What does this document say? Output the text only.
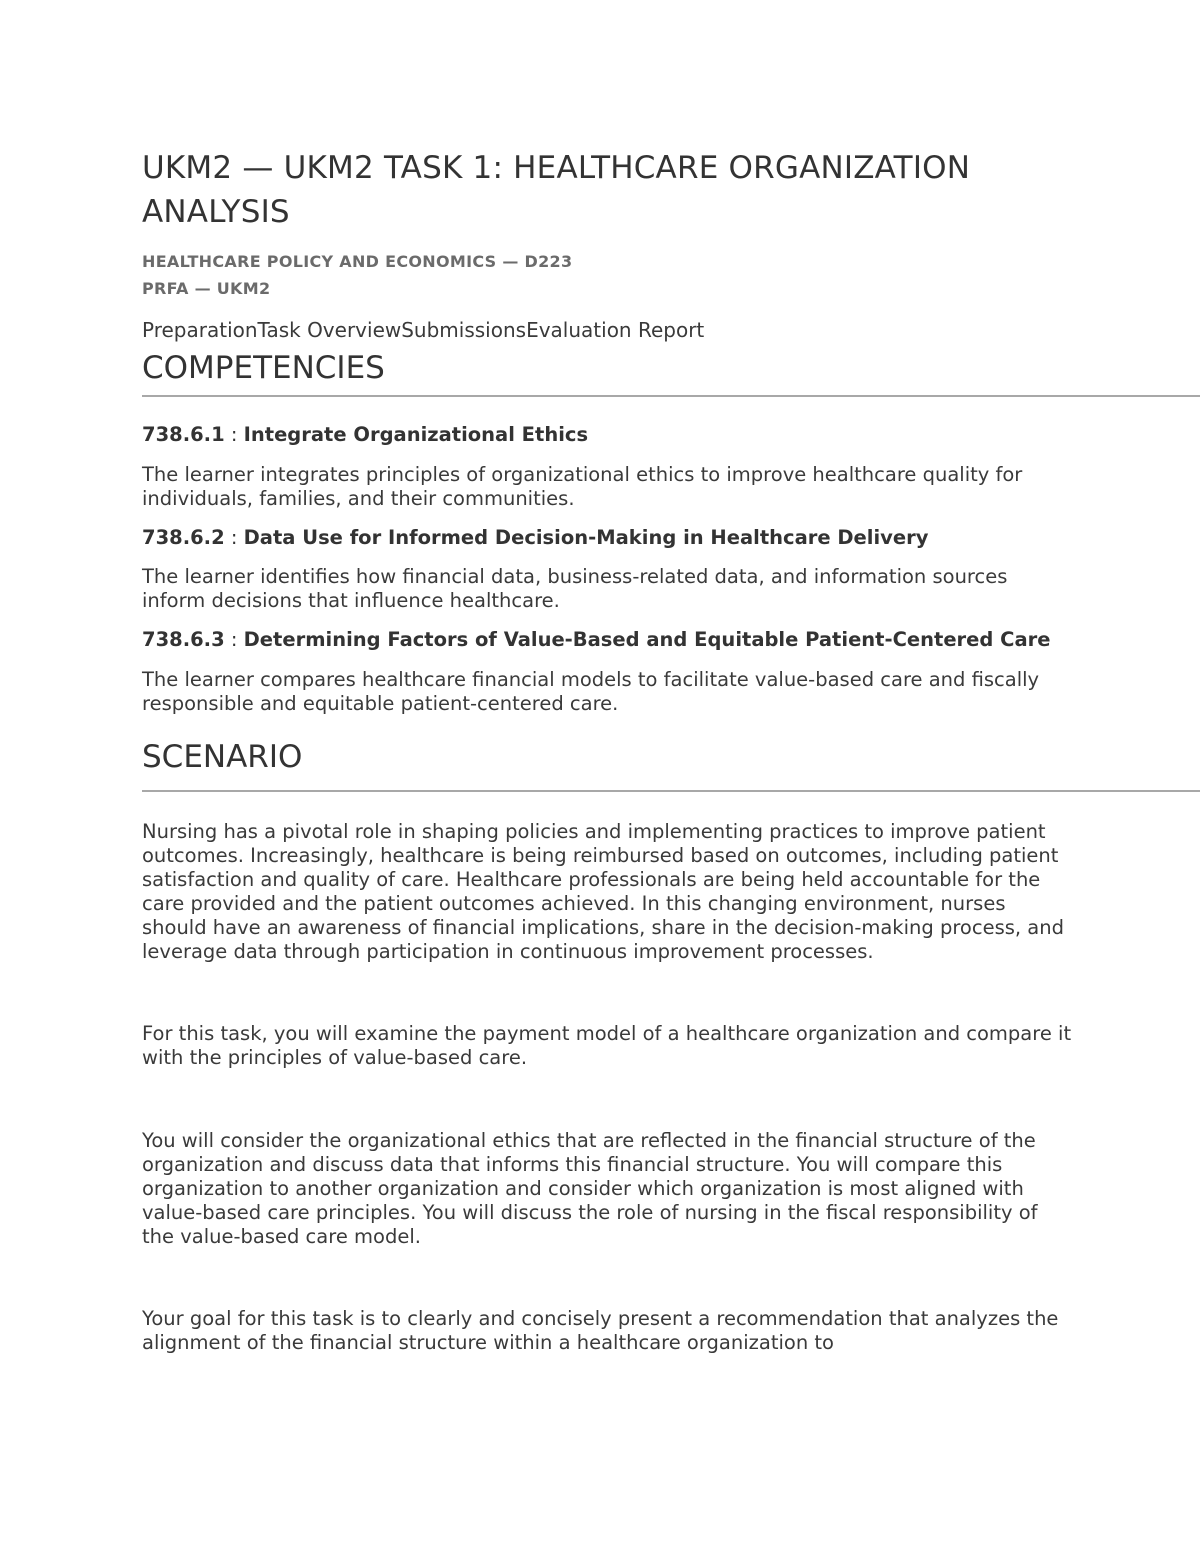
UKM2 — UKM2 TASK 1: HEALTHCARE ORGANIZATION ANALYSIS
HEALTHCARE POLICY AND ECONOMICS — D223
PRFA — UKM2
PreparationTask OverviewSubmissionsEvaluation Report
COMPETENCIES
738.6.1 : Integrate Organizational Ethics
The learner integrates principles of organizational ethics to improve healthcare quality for individuals, families, and their communities.
738.6.2 : Data Use for Informed Decision-Making in Healthcare Delivery
The learner identifies how financial data, business-related data, and information sources inform decisions that influence healthcare.
738.6.3 : Determining Factors of Value-Based and Equitable Patient-Centered Care
The learner compares healthcare financial models to facilitate value-based care and fiscally responsible and equitable patient-centered care.
SCENARIO

Nursing has a pivotal role in shaping policies and implementing practices to improve patient outcomes. Increasingly, healthcare is being reimbursed based on outcomes, including patient satisfaction and quality of care. Healthcare professionals are being held accountable for the care provided and the patient outcomes achieved. In this changing environment, nurses should have an awareness of financial implications, share in the decision-making process, and leverage data through participation in continuous improvement processes.

For this task, you will examine the payment model of a healthcare organization and compare it with the principles of value-based care.

You will consider the organizational ethics that are reflected in the financial structure of the organization and discuss data that informs this financial structure. You will compare this organization to another organization and consider which organization is most aligned with value-based care principles. You will discuss the role of nursing in the fiscal responsibility of the value-based care model.

Your goal for this task is to clearly and concisely present a recommendation that analyzes the alignment of the financial structure within a healthcare organization to
